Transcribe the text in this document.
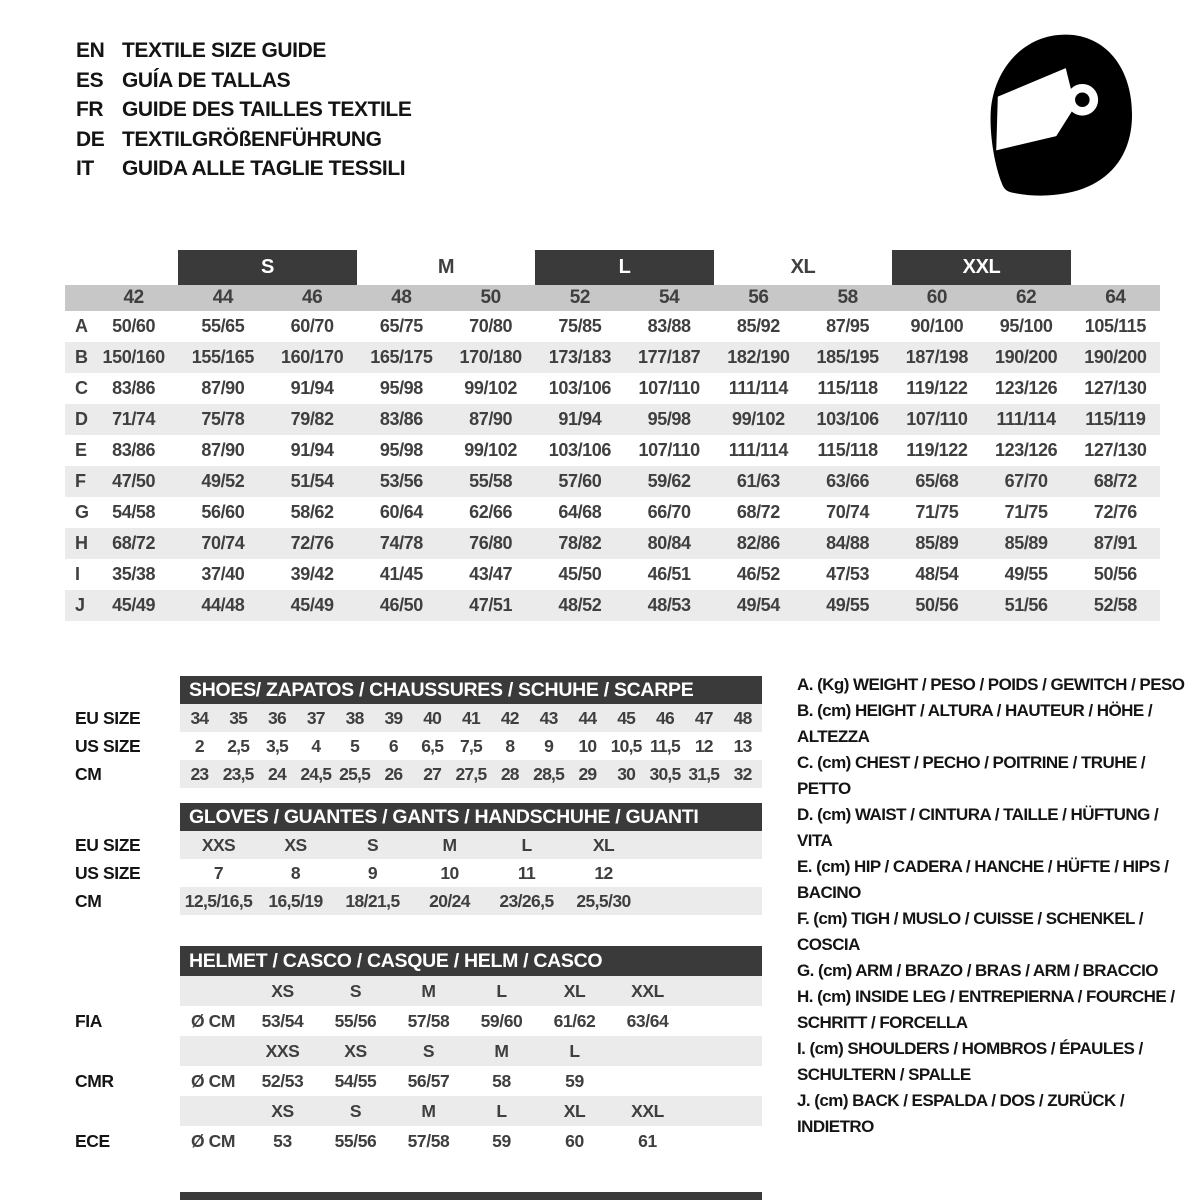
EN TEXTILE SIZE GUIDE
ES GUÍA DE TALLAS
FR GUIDE DES TAILLES TEXTILE
DE TEXTILGRÖßENFÜHRUNG
IT	GUIDA ALLE TAGLIE TESSILI
S	M	L	XL	XXL
42	44	46	48	50	52	54	56	58	60	62	64
A	50/60	55/65	60/70	65/75	70/80	75/85	83/88	85/92	87/95	90/100	95/100	105/115
B 150/160	155/165	160/170	165/175	170/180	173/183	177/187	182/190	185/195	187/198	190/200	190/200
C	83/86	87/90	91/94	95/98	99/102	103/106	107/110	111/114	115/118	119/122	123/126	127/130
D	71/74	75/78	79/82	83/86	87/90	91/94	95/98	99/102	103/106	107/110	111/114	115/119
E	83/86	87/90	91/94	95/98	99/102	103/106	107/110	111/114	115/118	119/122	123/126	127/130
F	47/50	49/52	51/54	53/56	55/58	57/60	59/62	61/63	63/66	65/68	67/70	68/72
G	54/58	56/60	58/62	60/64	62/66	64/68	66/70	68/72	70/74	71/75	71/75	72/76
H	68/72	70/74	72/76	74/78	76/80	78/82	80/84	82/86	84/88	85/89	85/89	87/91
I	35/38	37/40	39/42	41/45	43/47	45/50	46/51	46/52	47/53	48/54	49/55	50/56
J	45/49	44/48	45/49	46/50	47/51	48/52	48/53	49/54	49/55	50/56	51/56	52/58
SHOES/ ZAPATOS / CHAUSSURES / SCHUHE / SCARPE
EU SIZE	34	35	36	37	38	39	40	41	42	43	44	45	46	47	48
US SIZE	2	2,5 3,5	4	5	6	6,5 7,5	8	9	10 10,5 11,5 12	13
CM	23 23,5 24 24,5 25,5 26	27 27,5 28 28,5 29	30 30,5 31,5 32
GLOVES / GUANTES / GANTS / HANDSCHUHE / GUANTI
EU SIZE	XXS	XS	S	M	L	XL
US SIZE	7	8	9	10	11	12
CM	12,5/16,5 16,5/19	18/21,5	20/24	23/26,5	25,5/30
HELMET / CASCO / CASQUE / HELM / CASCO
XS	S	M	L	XL	XXL
FIA	Ø CM	53/54	55/56	57/58	59/60	61/62	63/64
XXS	XS	S	M	L
CMR	Ø CM	52/53	54/55	56/57	58	59
XS	S	M	L	XL	XXL
ECE	Ø CM	53	55/56	57/58	59	60	61
A. (Kg) WEIGHT / PESO / POIDS / GEWITCH / PESO
B. (cm) HEIGHT / ALTURA / HAUTEUR / HÖHE / ALTEZZA
C. (cm) CHEST / PECHO / POITRINE / TRUHE / PETTO
D. (cm) WAIST / CINTURA / TAILLE / HÜFTUNG / VITA
E. (cm) HIP / CADERA / HANCHE / HÜFTE / HIPS / BACINO
F. (cm) TIGH / MUSLO / CUISSE / SCHENKEL / COSCIA
G. (cm) ARM / BRAZO / BRAS / ARM / BRACCIO
H. (cm) INSIDE LEG / ENTREPIERNA / FOURCHE / SCHRITT / FORCELLA
I. (cm) SHOULDERS / HOMBROS / ÉPAULES / SCHULTERN / SPALLE
J. (cm) BACK / ESPALDA / DOS / ZURÜCK / INDIETRO
